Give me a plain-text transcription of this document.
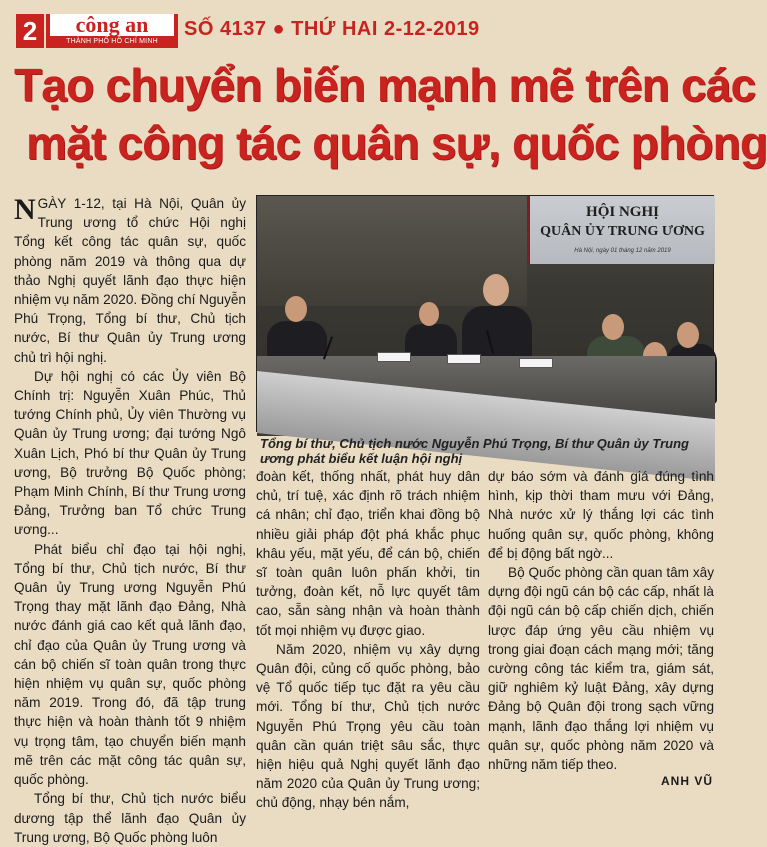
2	công an
THÀNH PHỐ HỒ CHÍ MINH
SỐ 4137 ● THỨ HAI 2-12-2019
Tạo chuyển biến mạnh mẽ trên các
mặt công tác quân sự, quốc phòng

NGÀY 1-12, tại Hà Nội, Quân ủy Trung ương tổ chức Hội nghị Tổng kết công tác quân sự, quốc phòng năm 2019 và thông qua dự thảo Nghị quyết lãnh đạo thực hiện nhiệm vụ năm 2020. Đồng chí Nguyễn Phú Trọng, Tổng bí thư, Chủ tịch nước, Bí thư Quân ủy Trung ương chủ trì hội nghị.

Dự hội nghị có các Ủy viên Bộ Chính trị: Nguyễn Xuân Phúc, Thủ tướng Chính phủ, Ủy viên Thường vụ Quân ủy Trung ương; đại tướng Ngô Xuân Lịch, Phó bí thư Quân ủy Trung ương, Bộ trưởng Bộ Quốc phòng; Phạm Minh Chính, Bí thư Trung ương Đảng, Trưởng ban Tổ chức Trung ương...

Phát biểu chỉ đạo tại hội nghị, Tổng bí thư, Chủ tịch nước, Bí thư Quân ủy Trung ương Nguyễn Phú Trọng thay mặt lãnh đạo Đảng, Nhà nước đánh giá cao kết quả lãnh đạo, chỉ đạo của Quân ủy Trung ương và cán bộ chiến sĩ toàn quân trong thực hiện nhiệm vụ quân sự, quốc phòng năm 2019. Trong đó, đã tập trung thực hiện và hoàn thành tốt 9 nhiệm vụ trọng tâm, tạo chuyển biến mạnh mẽ trên các mặt công tác quân sự, quốc phòng.

Tổng bí thư, Chủ tịch nước biểu dương tập thể lãnh đạo Quân ủy Trung ương, Bộ Quốc phòng luôn

HỘI NGHỊ
QUÂN ỦY TRUNG ƯƠNG
Hà Nội, ngày 01 tháng 12 năm 2019
Tổng bí thư, Chủ tịch nước Nguyễn Phú Trọng, Bí thư Quân ủy Trung ương phát biểu kết luận hội nghị

đoàn kết, thống nhất, phát huy dân chủ, trí tuệ, xác định rõ trách nhiệm cá nhân; chỉ đạo, triển khai đồng bộ nhiều giải pháp đột phá khắc phục khâu yếu, mặt yếu, để cán bộ, chiến sĩ toàn quân luôn phấn khởi, tin tưởng, đoàn kết, nỗ lực quyết tâm cao, sẵn sàng nhận và hoàn thành tốt mọi nhiệm vụ được giao.

Năm 2020, nhiệm vụ xây dựng Quân đội, củng cố quốc phòng, bảo vệ Tổ quốc tiếp tục đặt ra yêu cầu mới. Tổng bí thư, Chủ tịch nước Nguyễn Phú Trọng yêu cầu toàn quân cần quán triệt sâu sắc, thực hiện hiệu quả Nghị quyết lãnh đạo năm 2020 của Quân ủy Trung ương; chủ động, nhạy bén nắm,

dự báo sớm và đánh giá đúng tình hình, kịp thời tham mưu với Đảng, Nhà nước xử lý thắng lợi các tình huống quân sự, quốc phòng, không để bị động bất ngờ...

Bộ Quốc phòng cần quan tâm xây dựng đội ngũ cán bộ các cấp, nhất là đội ngũ cán bộ cấp chiến dịch, chiến lược đáp ứng yêu cầu nhiệm vụ trong giai đoạn cách mạng mới; tăng cường công tác kiểm tra, giám sát, giữ nghiêm kỷ luật Đảng, xây dựng Đảng bộ Quân đội trong sạch vững mạnh, lãnh đạo thắng lợi nhiệm vụ quân sự, quốc phòng năm 2020 và những năm tiếp theo.

ANH VŨ
